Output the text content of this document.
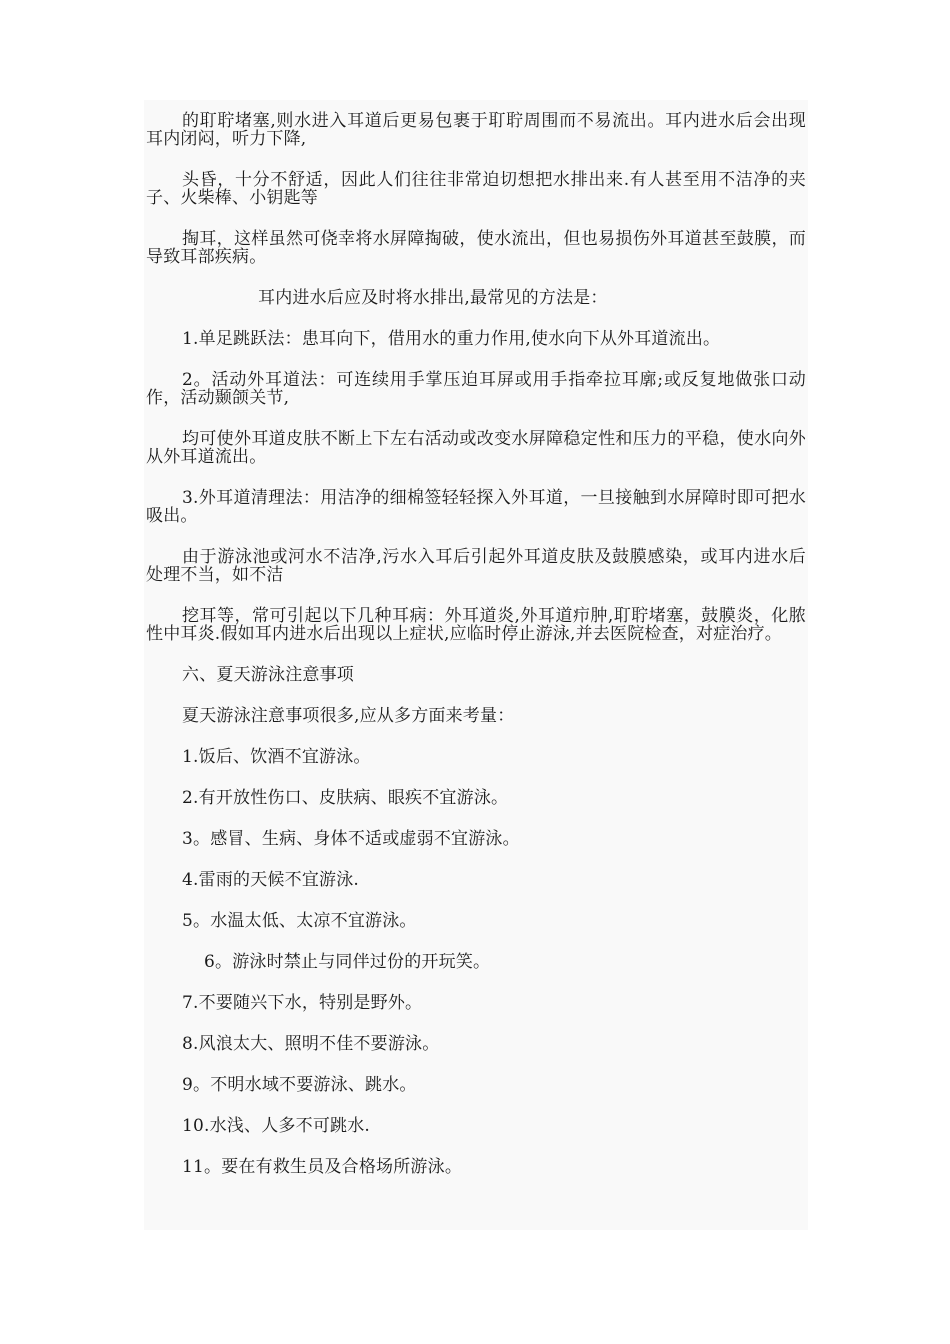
的耵聍堵塞,则水进入耳道后更易包裹于耵聍周围而不易流出。耳内进水后会出现耳内闭闷，听力下降,

头昏，十分不舒适，因此人们往往非常迫切想把水排出来.有人甚至用不洁净的夹子、火柴棒、小钥匙等

掏耳，这样虽然可侥幸将水屏障掏破，使水流出，但也易损伤外耳道甚至鼓膜，而导致耳部疾病。

耳内进水后应及时将水排出,最常见的方法是：

1.单足跳跃法：患耳向下，借用水的重力作用,使水向下从外耳道流出。

2。活动外耳道法：可连续用手掌压迫耳屏或用手指牵拉耳廓;或反复地做张口动作，活动颞颌关节,

均可使外耳道皮肤不断上下左右活动或改变水屏障稳定性和压力的平稳，使水向外从外耳道流出。

3.外耳道清理法：用洁净的细棉签轻轻探入外耳道，一旦接触到水屏障时即可把水吸出。

由于游泳池或河水不洁净,污水入耳后引起外耳道皮肤及鼓膜感染，或耳内进水后处理不当，如不洁

挖耳等，常可引起以下几种耳病：外耳道炎,外耳道疖肿,耵聍堵塞，鼓膜炎，化脓性中耳炎.假如耳内进水后出现以上症状,应临时停止游泳,并去医院检查，对症治疗。

六、夏天游泳注意事项

夏天游泳注意事项很多,应从多方面来考量：

1.饭后、饮酒不宜游泳。

2.有开放性伤口、皮肤病、眼疾不宜游泳。

3。感冒、生病、身体不适或虚弱不宜游泳。

4.雷雨的天候不宜游泳.

5。水温太低、太凉不宜游泳。

6。游泳时禁止与同伴过份的开玩笑。

7.不要随兴下水，特别是野外。

8.风浪太大、照明不佳不要游泳。

9。不明水域不要游泳、跳水。

10.水浅、人多不可跳水.

11。要在有救生员及合格场所游泳。
